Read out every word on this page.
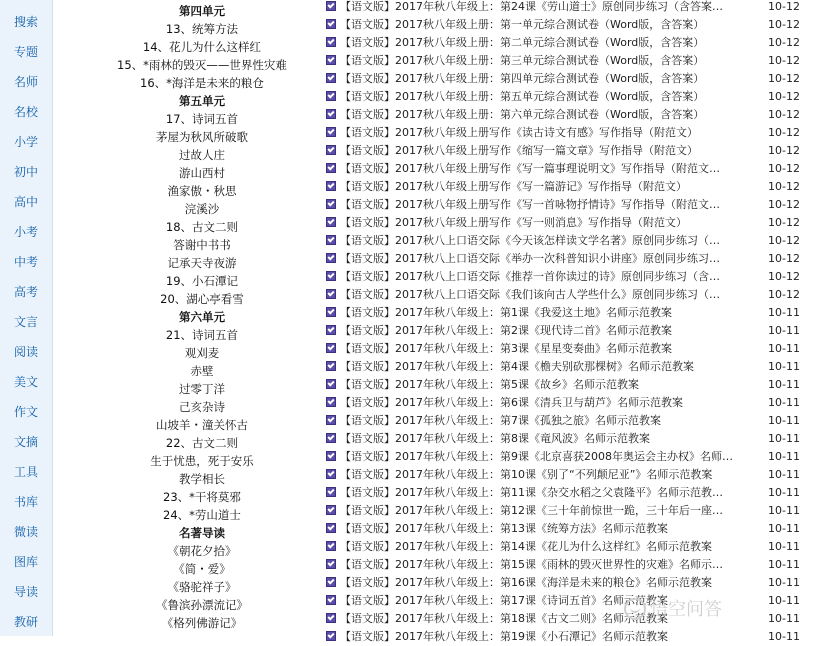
搜索
专题
名师
名校
小学
初中
高中
小考
中考
高考
文言
阅读
美文
作文
文摘
工具
书库
微读
图库
导读
教研
第四单元
13、统筹方法
14、花儿为什么这样红
15、*雨林的毁灭——世界性灾难
16、*海洋是未来的粮仓
第五单元
17、诗词五首
茅屋为秋风所破歌
过故人庄
游山西村
渔家傲・秋思
浣溪沙
18、古文二则
答谢中书书
记承天寺夜游
19、小石潭记
20、湖心亭看雪
第六单元
21、诗词五首
观刈麦
赤壁
过零丁洋
己亥杂诗
山坡羊・潼关怀古
22、古文二则
生于忧患，死于安乐
教学相长
23、*干将莫邪
24、*劳山道士
名著导读
《朝花夕拾》
《简・爱》
《骆驼祥子》
《鲁滨孙漂流记》
《格列佛游记》
【语文版】2017年秋八年级上：第24课《劳山道士》原创同步练习（含答案…	10-12
【语文版】2017秋八年级上册：第一单元综合测试卷（Word版，含答案）	10-12
【语文版】2017秋八年级上册：第二单元综合测试卷（Word版，含答案）	10-12
【语文版】2017秋八年级上册：第三单元综合测试卷（Word版，含答案）	10-12
【语文版】2017秋八年级上册：第四单元综合测试卷（Word版，含答案）	10-12
【语文版】2017秋八年级上册：第五单元综合测试卷（Word版，含答案）	10-12
【语文版】2017秋八年级上册：第六单元综合测试卷（Word版，含答案）	10-12
【语文版】2017秋八年级上册写作《读古诗文有感》写作指导（附范文）	10-12
【语文版】2017秋八年级上册写作《缩写一篇文章》写作指导（附范文）	10-12
【语文版】2017秋八年级上册写作《写一篇事理说明文》写作指导（附范文…	10-12
【语文版】2017秋八年级上册写作《写一篇游记》写作指导（附范文）	10-12
【语文版】2017秋八年级上册写作《写一首咏物抒情诗》写作指导（附范文…	10-12
【语文版】2017秋八年级上册写作《写一则消息》写作指导（附范文）	10-12
【语文版】2017秋八上口语交际《今天该怎样读文学名著》原创同步练习（…	10-12
【语文版】2017秋八上口语交际《举办一次科普知识小讲座》原创同步练习…	10-12
【语文版】2017秋八上口语交际《推荐一首你读过的诗》原创同步练习（含…	10-12
【语文版】2017秋八上口语交际《我们该向古人学些什么》原创同步练习（…	10-12
【语文版】2017年秋八年级上：第1课《我爱这土地》名师示范教案	10-11
【语文版】2017年秋八年级上：第2课《现代诗二首》名师示范教案	10-11
【语文版】2017年秋八年级上：第3课《星星变奏曲》名师示范教案	10-11
【语文版】2017年秋八年级上：第4课《檐夫别砍那棵树》名师示范教案	10-11
【语文版】2017年秋八年级上：第5课《故乡》名师示范教案	10-11
【语文版】2017年秋八年级上：第6课《清兵卫与葫芦》名师示范教案	10-11
【语文版】2017年秋八年级上：第7课《孤独之旅》名师示范教案	10-11
【语文版】2017年秋八年级上：第8课《竜风波》名师示范教案	10-11
【语文版】2017年秋八年级上：第9课《北京喜获2008年奥运会主办权》名师…	10-11
【语文版】2017年秋八年级上：第10课《别了“不列颠尼亚”》名师示范教案	10-11
【语文版】2017年秋八年级上：第11课《杂交水稻之父袁隆平》名师示范教…	10-11
【语文版】2017年秋八年级上：第12课《三十年前惊世一跪，三十年后一座…	10-11
【语文版】2017年秋八年级上：第13课《统筹方法》名师示范教案	10-11
【语文版】2017年秋八年级上：第14课《花儿为什么这样红》名师示范教案	10-11
【语文版】2017年秋八年级上：第15课《雨林的毁灭世界性的灾难》名师示…	10-11
【语文版】2017年秋八年级上：第16课《海洋是未来的粮仓》名师示范教案	10-11
【语文版】2017年秋八年级上：第17课《诗词五首》名师示范教案	10-11
【语文版】2017年秋八年级上：第18课《古文二则》名师示范教案	10-11
【语文版】2017年秋八年级上：第19课《小石潭记》名师示范教案	10-11
悟空问答
